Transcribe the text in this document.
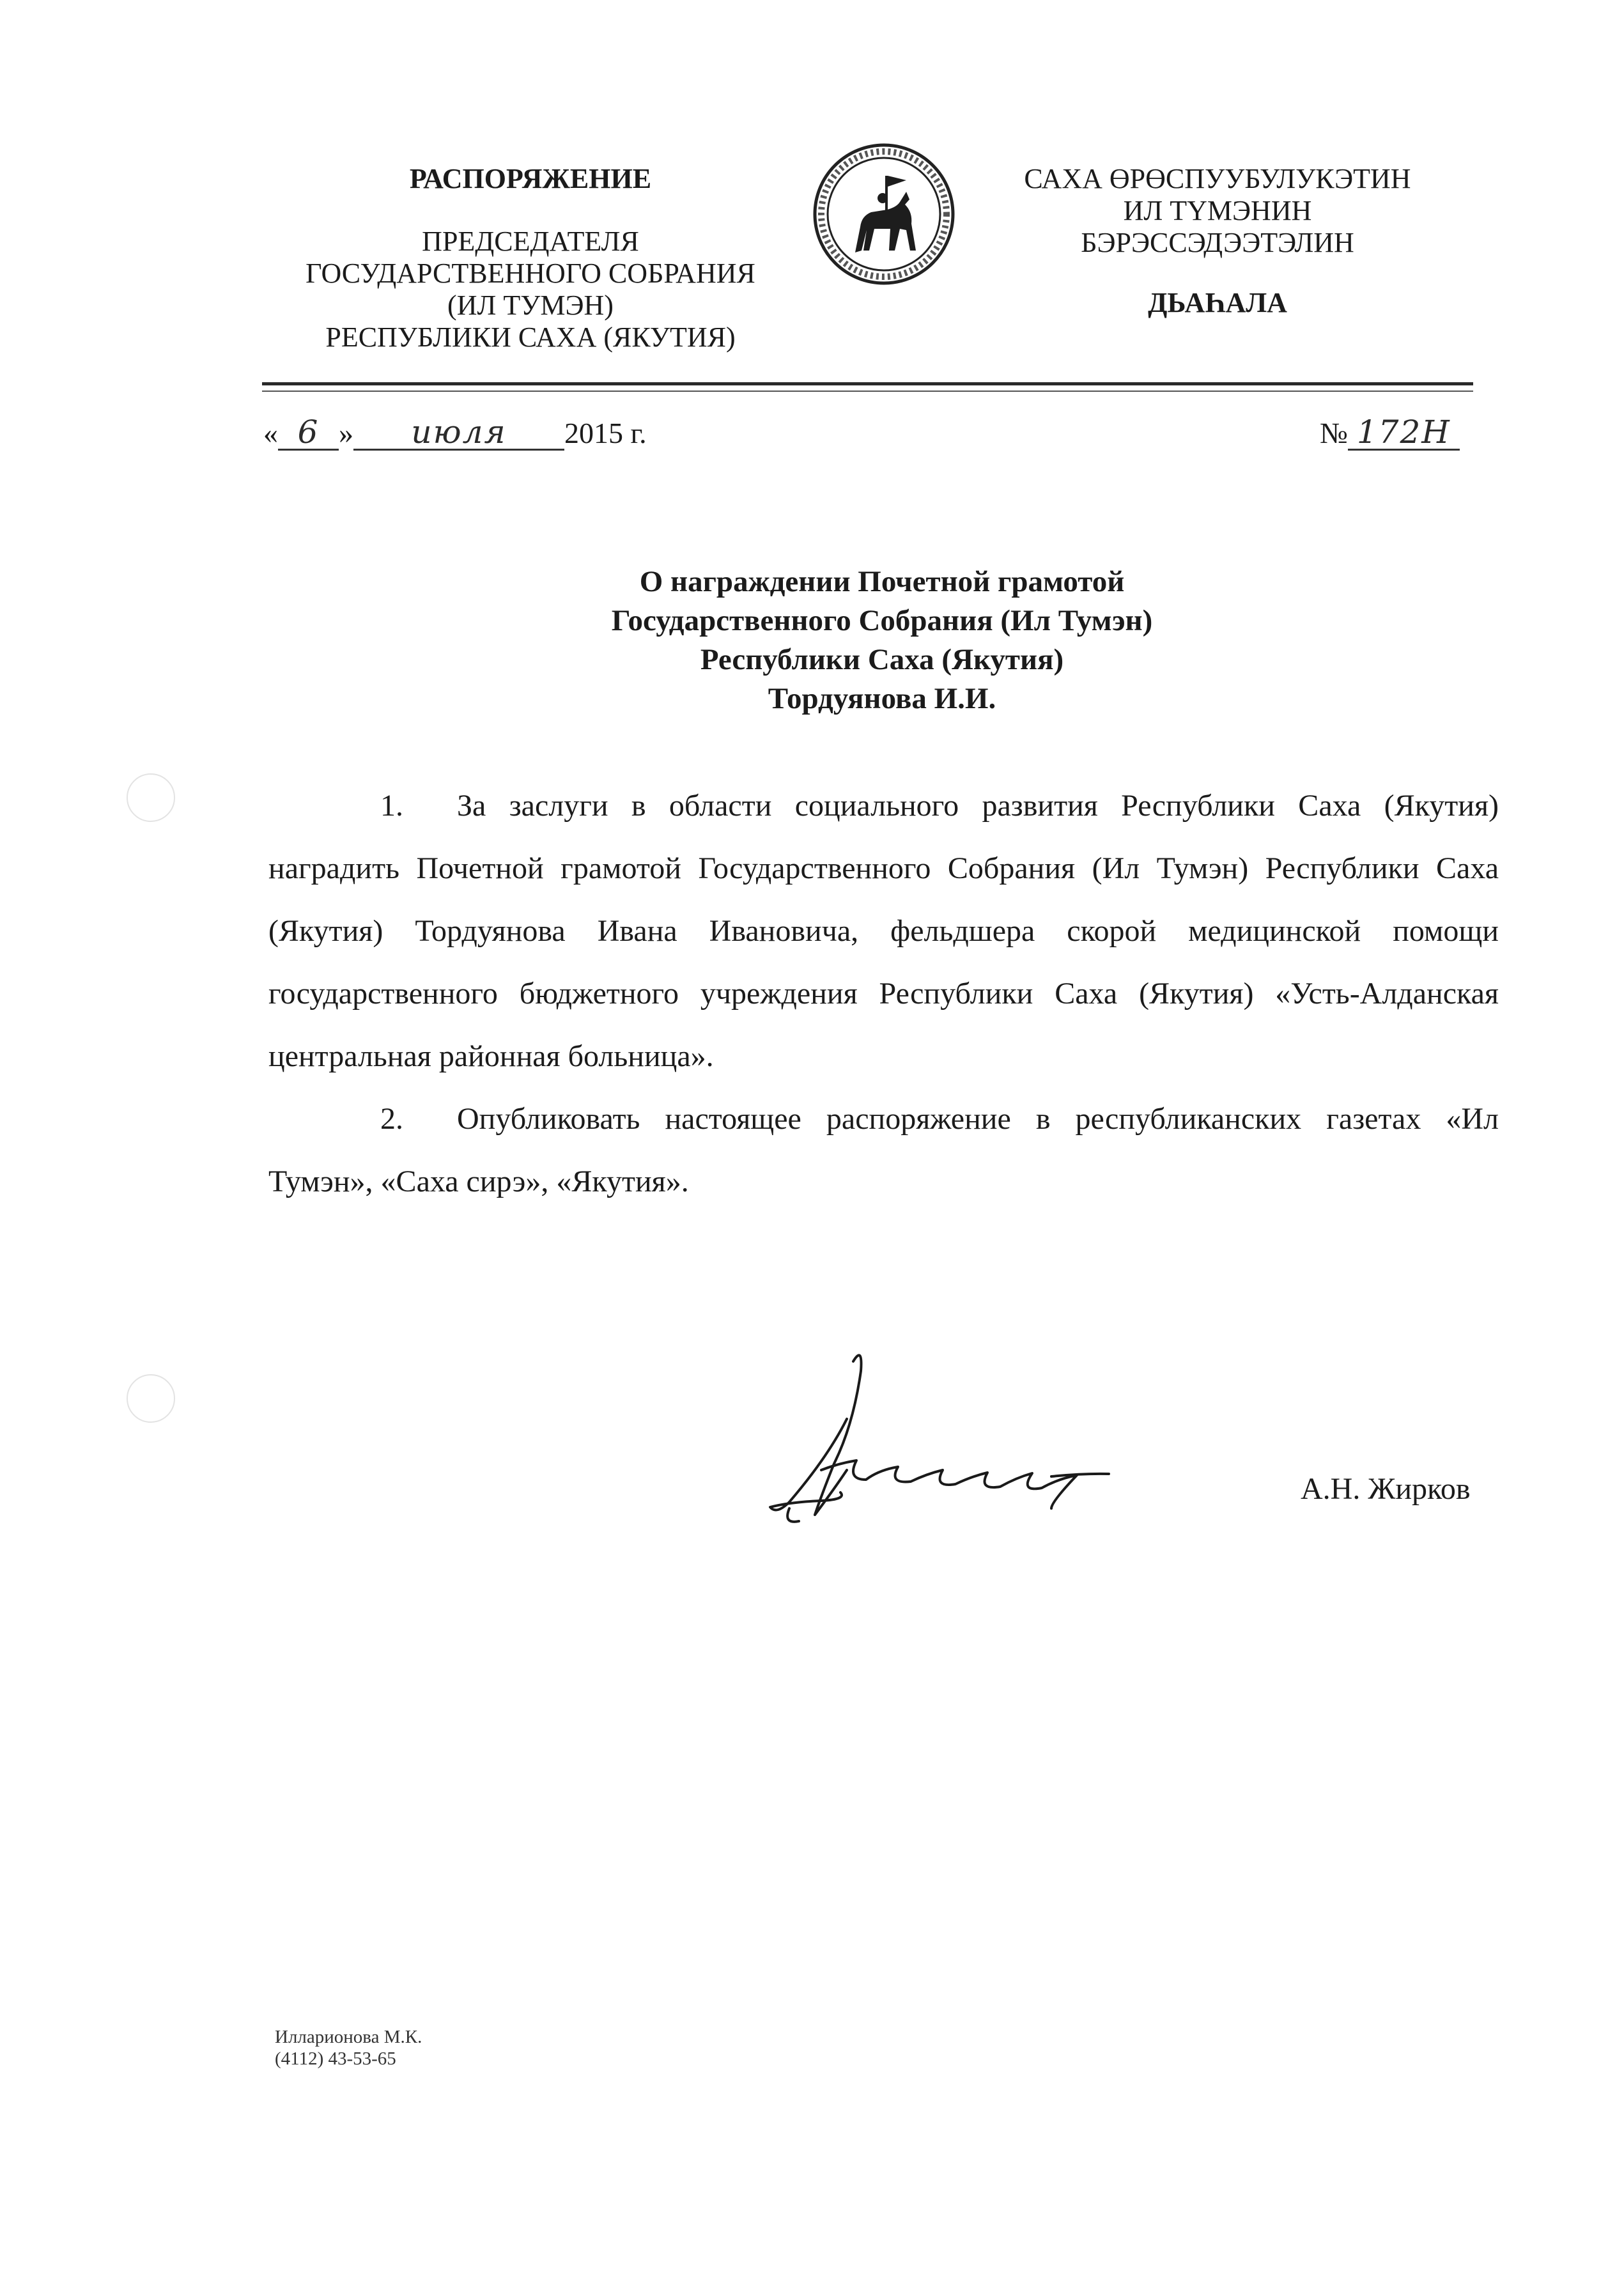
РАСПОРЯЖЕНИЕ
ПРЕДСЕДАТЕЛЯ
ГОСУДАРСТВЕННОГО СОБРАНИЯ
(ИЛ ТУМЭН)
РЕСПУБЛИКИ САХА (ЯКУТИЯ)
САХА ӨРӨСПУУБУЛУКЭТИН
ИЛ ТҮМЭНИН
БЭРЭССЭДЭЭТЭЛИН
ДЬАҺАЛА
« 6 » июля 2015 г.	№ 172Н
О награждении Почетной грамотой
Государственного Собрания (Ил Тумэн)
Республики Саха (Якутия)
Тордуянова И.И.

1. За заслуги в области социального развития Республики Саха (Якутия) наградить Почетной грамотой Государственного Собрания (Ил Тумэн) Республики Саха (Якутия) Тордуянова Ивана Ивановича, фельдшера скорой медицинской помощи государственного бюджетного учреждения Республики Саха (Якутия) «Усть-Алданская центральная районная больница».

2. Опубликовать настоящее распоряжение в республиканских газетах «Ил Тумэн», «Саха сирэ», «Якутия».

А.Н. Жирков
Илларионова М.К.
(4112) 43-53-65
